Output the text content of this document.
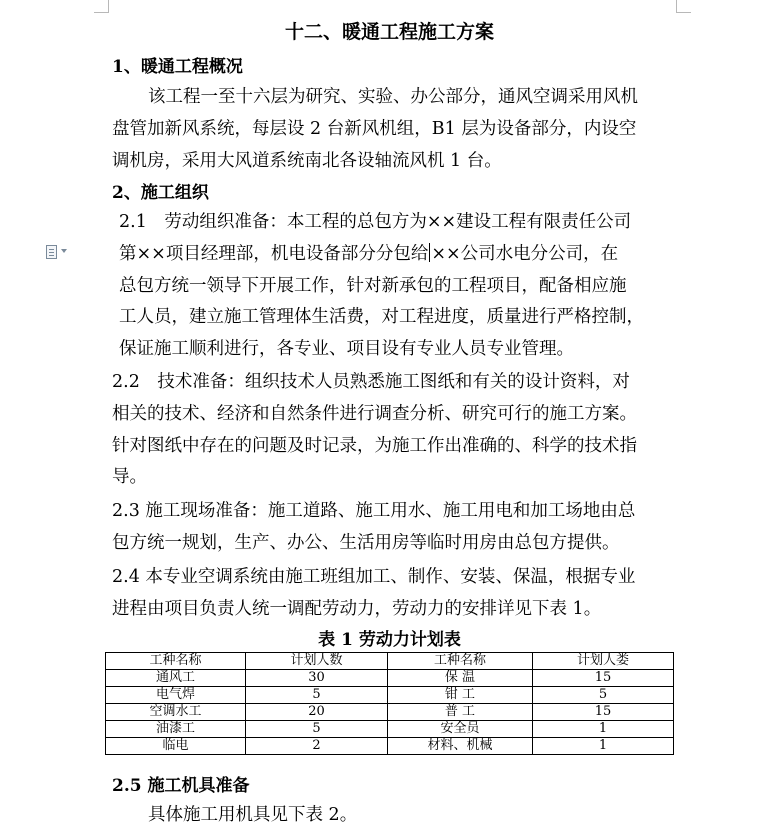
十二、暖通工程施工方案
1、暖通工程概况
该工程一至十六层为研究、实验、办公部分，通风空调采用风机
盘管加新风系统，每层设 2 台新风机组，B1 层为设备部分，内设空
调机房，采用大风道系统南北各设轴流风机 1 台。
2、施工组织
2.1　劳动组织准备：本工程的总包方为××建设工程有限责任公司
第××项目经理部，机电设备部分分包给 ××公司水电分公司，在
总包方统一领导下开展工作，针对新承包的工程项目，配备相应施
工人员，建立施工管理体生活费，对工程进度，质量进行严格控制，
保证施工顺利进行，各专业、项目设有专业人员专业管理。
2.2　技术准备：组织技术人员熟悉施工图纸和有关的设计资料，对
相关的技术、经济和自然条件进行调查分析、研究可行的施工方案。
针对图纸中存在的问题及时记录，为施工作出准确的、科学的技术指
导。
2.3 施工现场准备：施工道路、施工用水、施工用电和加工场地由总
包方统一规划，生产、办公、生活用房等临时用房由总包方提供。
2.4 本专业空调系统由施工班组加工、制作、安装、保温，根据专业
进程由项目负责人统一调配劳动力，劳动力的安排详见下表 1。
表 1 劳动力计划表
工种名称	计划人数	工种名称	计划人娄
通风工	30	保 温	15
电气焊	5	钳 工	5
空调水工	20	普 工	15
油漆工	5	安全员	1
临电	2	材料、机械	1
2.5 施工机具准备
具体施工用机具见下表 2。
